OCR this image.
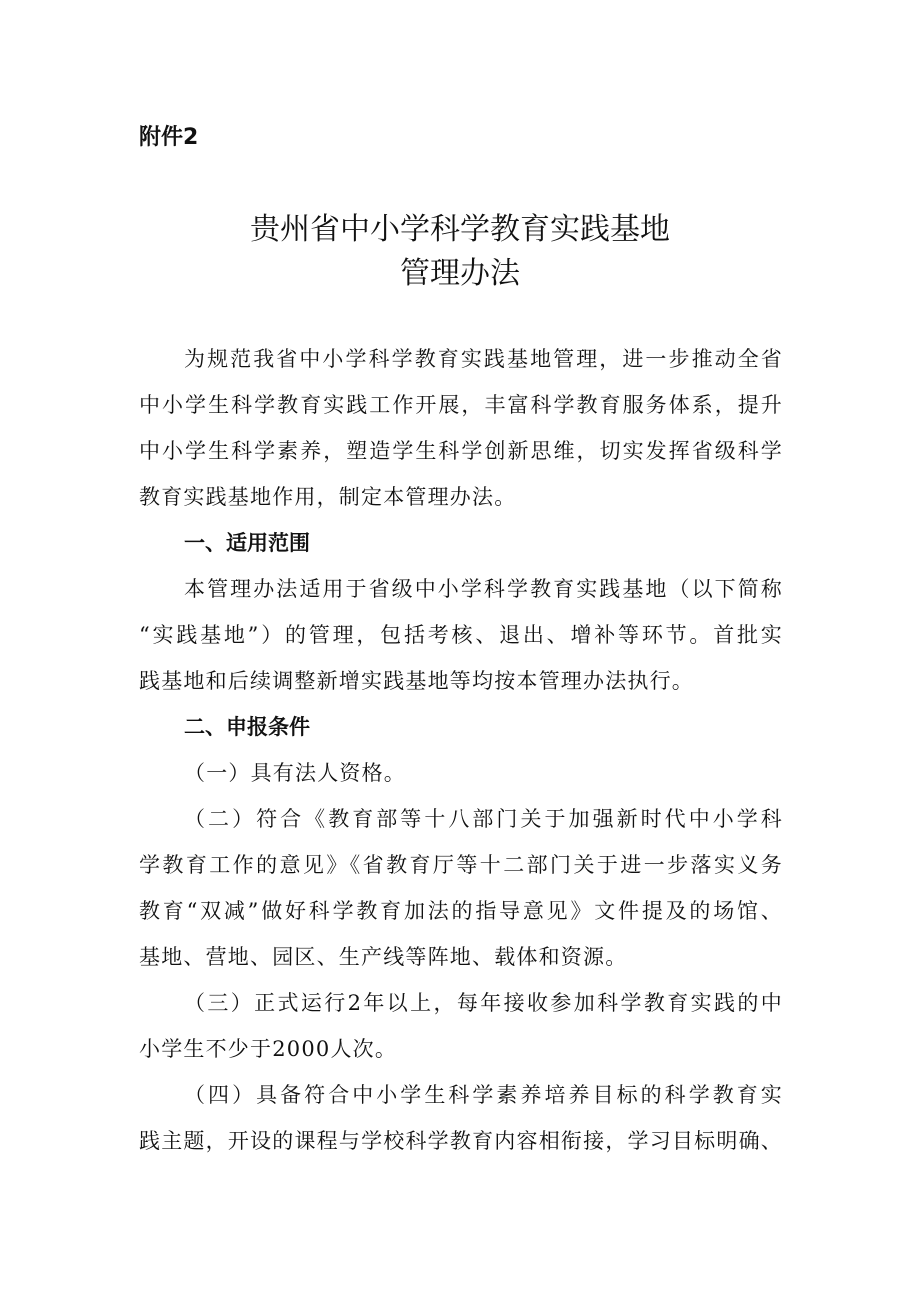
附件2
贵州省中小学科学教育实践基地
管理办法
为规范我省中小学科学教育实践基地管理，进一步推动全省
中小学生科学教育实践工作开展，丰富科学教育服务体系，提升
中小学生科学素养，塑造学生科学创新思维，切实发挥省级科学
教育实践基地作用，制定本管理办法。
一、适用范围
本管理办法适用于省级中小学科学教育实践基地（以下简称
“实践基地”）的管理，包括考核、退出、增补等环节。首批实
践基地和后续调整新增实践基地等均按本管理办法执行。
二、申报条件
（一）具有法人资格。
（二）符合《教育部等十八部门关于加强新时代中小学科
学教育工作的意见》《省教育厅等十二部门关于进一步落实义务
教育“双减”做好科学教育加法的指导意见》文件提及的场馆、
基地、营地、园区、生产线等阵地、载体和资源。
（三）正式运行2年以上，每年接收参加科学教育实践的中
小学生不少于2000人次。
（四）具备符合中小学生科学素养培养目标的科学教育实
践主题，开设的课程与学校科学教育内容相衔接，学习目标明确、
